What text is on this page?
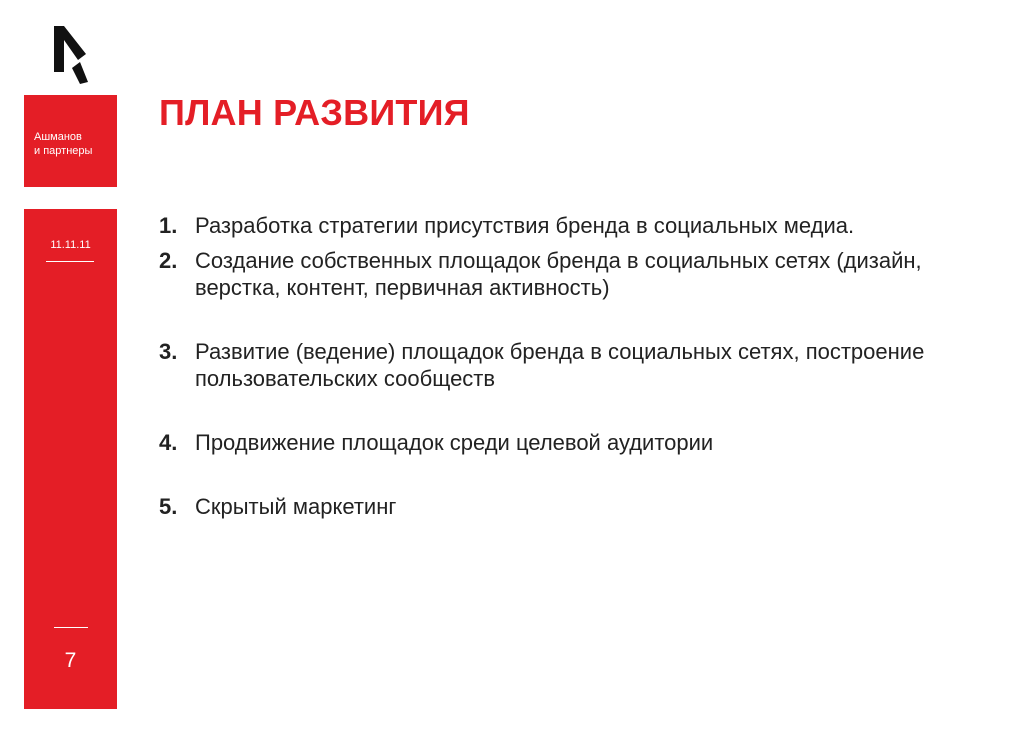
Ашманов
и партнеры
11.11.11
7
ПЛАН РАЗВИТИЯ
1. Разработка стратегии присутствия бренда в социальных медиа.
2. Создание собственных площадок бренда в социальных сетях (дизайн, верстка, контент, первичная активность)
3. Развитие (ведение) площадок бренда в социальных сетях, построение пользовательских сообществ
4. Продвижение площадок среди целевой аудитории
5. Скрытый маркетинг
